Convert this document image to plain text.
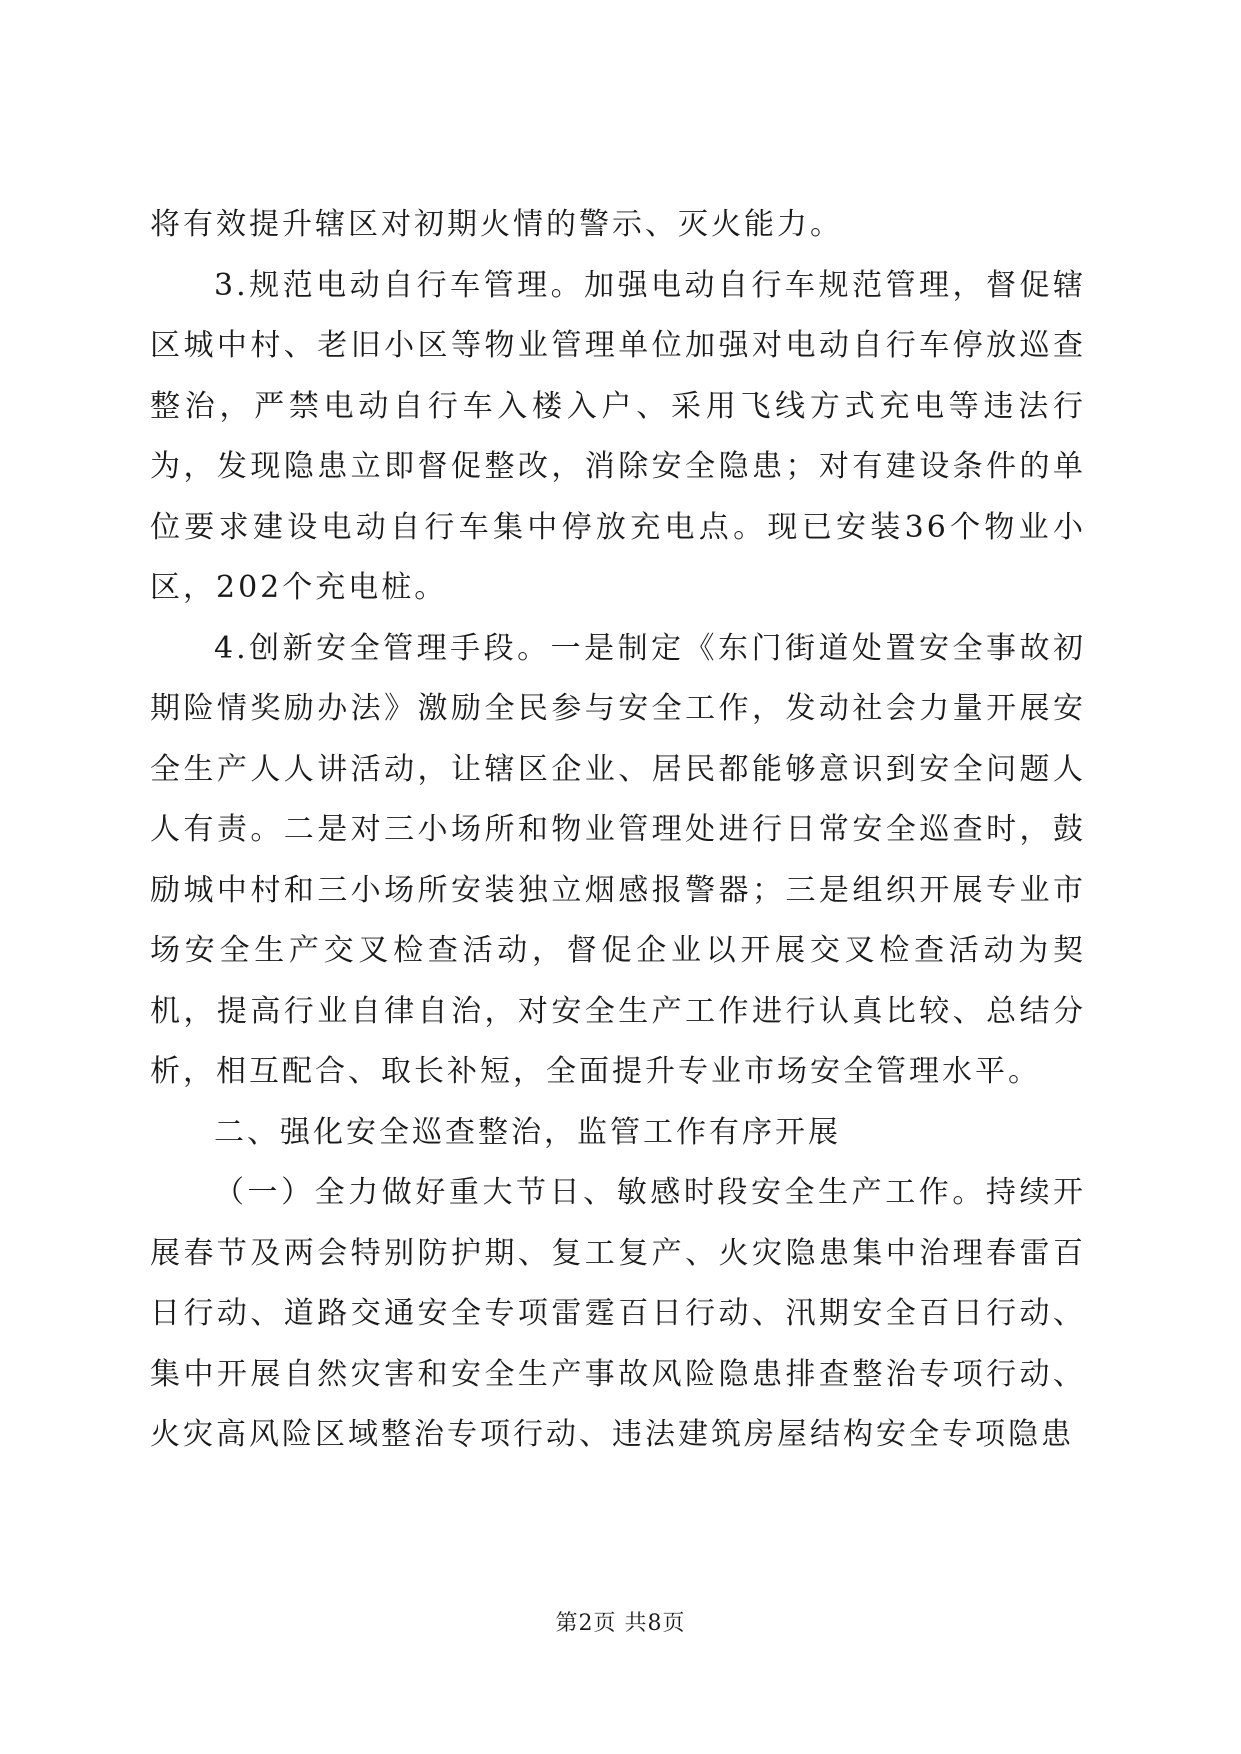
将有效提升辖区对初期火情的警示、灭火能力。

3.规范电动自行车管理。加强电动自行车规范管理，督促辖区城中村、老旧小区等物业管理单位加强对电动自行车停放巡查整治，严禁电动自行车入楼入户、采用飞线方式充电等违法行为，发现隐患立即督促整改，消除安全隐患；对有建设条件的单位要求建设电动自行车集中停放充电点。现已安装36个物业小区，202个充电桩。

4.创新安全管理手段。一是制定《东门街道处置安全事故初期险情奖励办法》激励全民参与安全工作，发动社会力量开展安全生产人人讲活动，让辖区企业、居民都能够意识到安全问题人人有责。二是对三小场所和物业管理处进行日常安全巡查时，鼓励城中村和三小场所安装独立烟感报警器；三是组织开展专业市场安全生产交叉检查活动，督促企业以开展交叉检查活动为契机，提高行业自律自治，对安全生产工作进行认真比较、总结分析，相互配合、取长补短，全面提升专业市场安全管理水平。

二、强化安全巡查整治，监管工作有序开展

（一）全力做好重大节日、敏感时段安全生产工作。持续开展春节及两会特别防护期、复工复产、火灾隐患集中治理春雷百日行动、道路交通安全专项雷霆百日行动、汛期安全百日行动、集中开展自然灾害和安全生产事故风险隐患排查整治专项行动、火灾高风险区域整治专项行动、违法建筑房屋结构安全专项隐患

第2页 共8页
